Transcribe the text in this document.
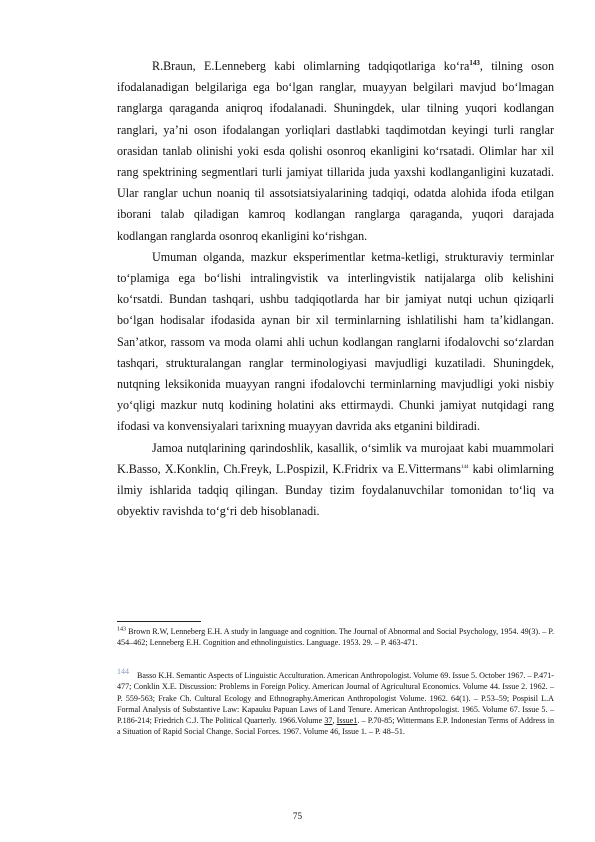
R.Braun, E.Lenneberg kabi olimlarning tadqiqotlariga $ko‘ra^{143}$, tilning oson ifodalanadigan belgilariga ega bo‘lgan ranglar, muayyan belgilari mavjud bo‘lmagan ranglarga qaraganda aniqroq ifodalanadi. Shuningdek, ular tilning yuqori kodlangan ranglari, ya’ni oson ifodalangan yorliqlari dastlabki taqdimotdan keyingi turli ranglar orasidan tanlab olinishi yoki esda qolishi osonroq ekanligini ko‘rsatadi. Olimlar har xil rang spektrining segmentlari turli jamiyat tillarida juda yaxshi kodlanganligini kuzatadi. Ular ranglar uchun noaniq til assotsiatsiyalarining tadqiqi, odatda alohida ifoda etilgan iborani talab qiladigan kamroq kodlangan ranglarga qaraganda, yuqori darajada kodlangan ranglarda osonroq ekanligini ko‘rishgan.

Umuman olganda, mazkur eksperimentlar ketma-ketligi, strukturaviy terminlar to‘plamiga ega bo‘lishi intralingvistik va interlingvistik natijalarga olib kelishini ko‘rsatdi. Bundan tashqari, ushbu tadqiqotlarda har bir jamiyat nutqi uchun qiziqarli bo‘lgan hodisalar ifodasida aynan bir xil terminlarning ishlatilishi ham ta’kidlangan. San’atkor, rassom va moda olami ahli uchun kodlangan ranglarni ifodalovchi so‘zlardan tashqari, strukturalangan ranglar terminologiyasi mavjudligi kuzatiladi. Shuningdek, nutqning leksikonida muayyan rangni ifodalovchi terminlarning mavjudligi yoki nisbiy yo‘qligi mazkur nutq kodining holatini aks ettirmaydi. Chunki jamiyat nutqidagi rang ifodasi va konvensiyalari tarixning muayyan davrida aks etganini bildiradi.

Jamoa nutqlarining qarindoshlik, kasallik, o‘simlik va murojaat kabi muammolari K.Basso, X.Konklin, Ch.Freyk, L.Pospizil, K.Fridrix va E.Vittermans$^{144}$ kabi olimlarning ilmiy ishlarida tadqiq qilingan. Bunday tizim foydalanuvchilar tomonidan to‘liq va obyektiv ravishda to‘g‘ri deb hisoblanadi.

$^{143}$ Brown R.W, Lenneberg E.H. A study in language and cognition. The Journal of Abnormal and Social Psychology, 1954. 49(3). – P. 454–462; Lenneberg E.H. Cognition and ethnolinguistics. Language. 1953. 29. – P. 463-471.

144 Basso K.H. Semantic Aspects of Linguistic Acculturation. American Anthropologist. Volume 69. Issue 5. October 1967. – P.471-477; Conklin X.E. Discussion: Problems in Foreign Policy. American Journal of Agricultural Economics. Volume 44. Issue 2. 1962. – P. 559-563; Frake Ch. Cultural Ecology and Ethnography.American Anthropologist Volume. 1962. 64(1). – P.53–59; Pospisil L.A Formal Analysis of Substantive Law: Kapauku Papuan Laws of Land Tenure. American Anthropologist. 1965. Volume 67. Issue 5. – P.186-214; Friedrich C.J. The Political Quarterly. 1966.Volume 37, Issue1. – P.70-85; Wittermans E.P. Indonesian Terms of Address in a Situation of Rapid Social Change. Social Forces. 1967. Volume 46, Issue 1. – P. 48–51.

75
